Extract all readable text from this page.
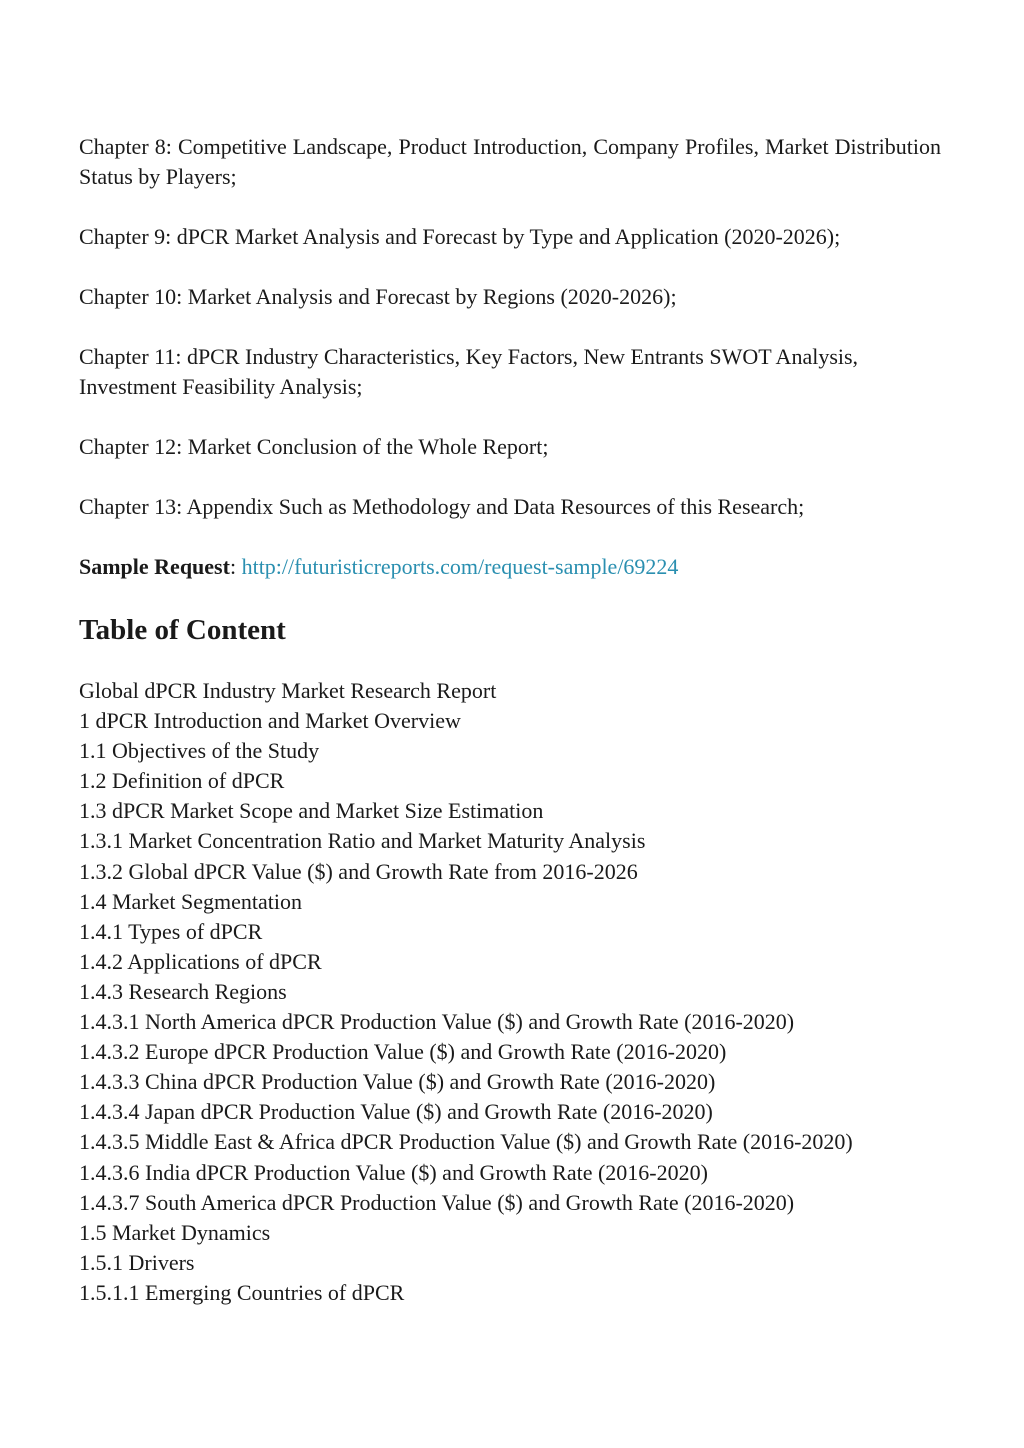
Chapter 8: Competitive Landscape, Product Introduction, Company Profiles, Market Distribution Status by Players;

Chapter 9: dPCR Market Analysis and Forecast by Type and Application (2020-2026);

Chapter 10: Market Analysis and Forecast by Regions (2020-2026);

Chapter 11: dPCR Industry Characteristics, Key Factors, New Entrants SWOT Analysis, Investment Feasibility Analysis;

Chapter 12: Market Conclusion of the Whole Report;

Chapter 13: Appendix Such as Methodology and Data Resources of this Research;

Sample Request: http://futuristicreports.com/request-sample/69224

Table of Content
Global dPCR Industry Market Research Report
1 dPCR Introduction and Market Overview
1.1 Objectives of the Study
1.2 Definition of dPCR
1.3 dPCR Market Scope and Market Size Estimation
1.3.1 Market Concentration Ratio and Market Maturity Analysis
1.3.2 Global dPCR Value ($) and Growth Rate from 2016-2026
1.4 Market Segmentation
1.4.1 Types of dPCR
1.4.2 Applications of dPCR
1.4.3 Research Regions
1.4.3.1 North America dPCR Production Value ($) and Growth Rate (2016-2020)
1.4.3.2 Europe dPCR Production Value ($) and Growth Rate (2016-2020)
1.4.3.3 China dPCR Production Value ($) and Growth Rate (2016-2020)
1.4.3.4 Japan dPCR Production Value ($) and Growth Rate (2016-2020)
1.4.3.5 Middle East & Africa dPCR Production Value ($) and Growth Rate (2016-2020)
1.4.3.6 India dPCR Production Value ($) and Growth Rate (2016-2020)
1.4.3.7 South America dPCR Production Value ($) and Growth Rate (2016-2020)
1.5 Market Dynamics
1.5.1 Drivers
1.5.1.1 Emerging Countries of dPCR
